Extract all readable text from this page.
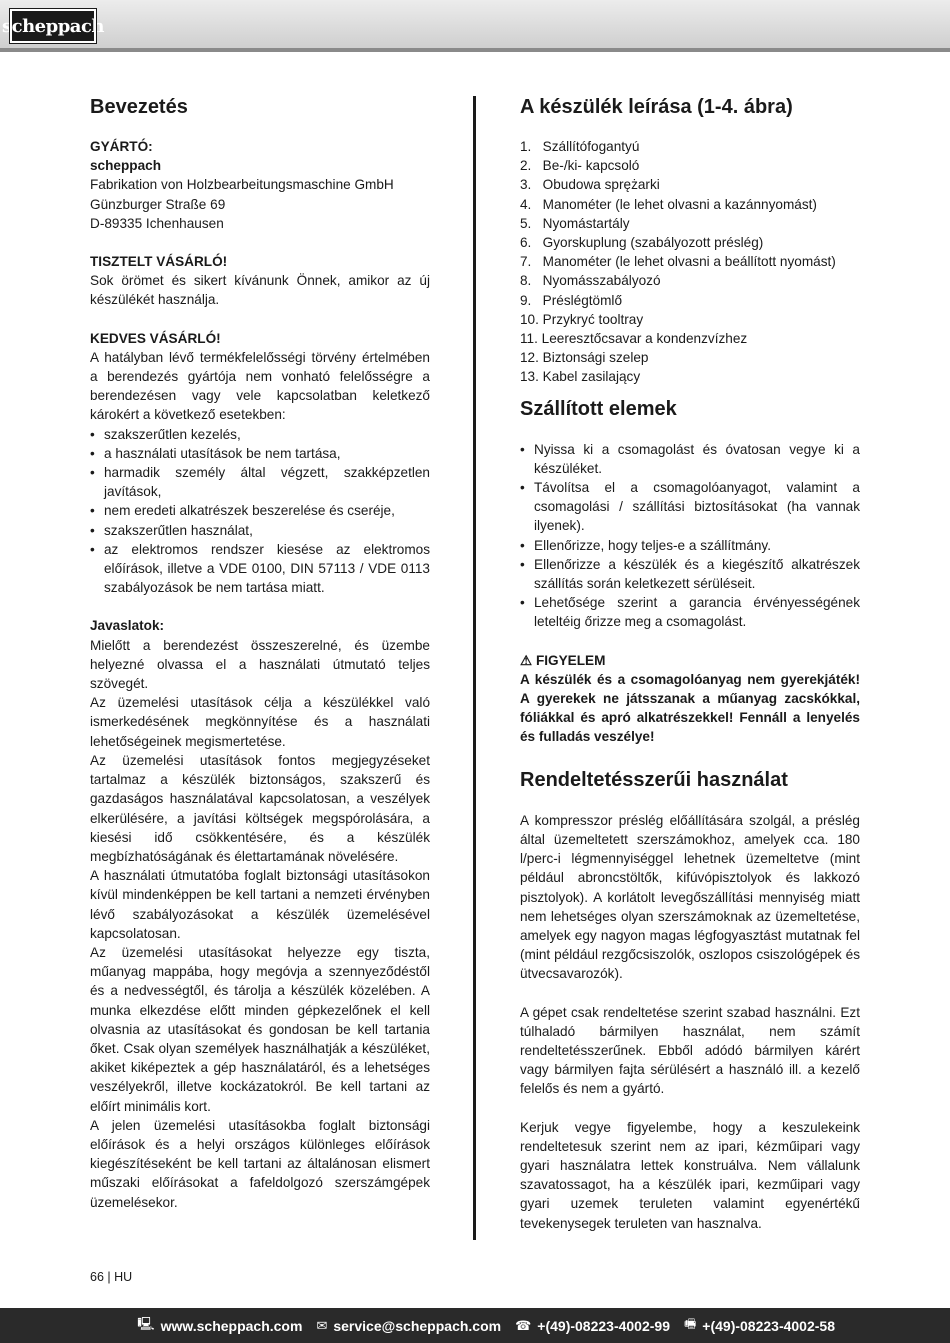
scheppach
Bevezetés

GYÁRTÓ:

scheppach

Fabrikation von Holzbearbeitungsmaschine GmbH

Günzburger Straße 69

D-89335 Ichenhausen

TISZTELT VÁSÁRLÓ!

Sok örömet és sikert kívánunk Önnek, amikor az új készülékét használja.

KEDVES VÁSÁRLÓ!

A hatályban lévő termékfelelősségi törvény értelmében a berendezés gyártója nem vonható felelősségre a berendezésen vagy vele kapcsolatban keletkező károkért a következő esetekben:

• szakszerűtlen kezelés,
• a használati utasítások be nem tartása,
• harmadik személy által végzett, szakképzetlen javítások,
• nem eredeti alkatrészek beszerelése és cseréje,
• szakszerűtlen használat,
• az elektromos rendszer kiesése az elektromos előírások, illetve a VDE 0100, DIN 57113 / VDE 0113 szabályozások be nem tartása miatt.

Javaslatok:

Mielőtt a berendezést összeszerelné, és üzembe helyezné olvassa el a használati útmutató teljes szövegét.

Az üzemelési utasítások célja a készülékkel való ismerkedésének megkönnyítése és a használati lehetőségeinek megismertetése.

Az üzemelési utasítások fontos megjegyzéseket tartalmaz a készülék biztonságos, szakszerű és gazdaságos használatával kapcsolatosan, a veszélyek elkerülésére, a javítási költségek megspórolására, a kiesési idő csökkentésére, és a készülék megbízhatóságának és élettartamának növelésére.

A használati útmutatóba foglalt biztonsági utasításokon kívül mindenképpen be kell tartani a nemzeti érvényben lévő szabályozásokat a készülék üzemelésével kapcsolatosan.

Az üzemelési utasításokat helyezze egy tiszta, műanyag mappába, hogy megóvja a szennyeződéstől és a nedvességtől, és tárolja a készülék közelében. A munka elkezdése előtt minden gépkezelőnek el kell olvasnia az utasításokat és gondosan be kell tartania őket. Csak olyan személyek használhatják a készüléket, akiket kiképeztek a gép használatáról, és a lehetséges veszélyekről, illetve kockázatokról. Be kell tartani az előírt minimális kort.

A jelen üzemelési utasításokba foglalt biztonsági előírások és a helyi országos különleges előírások kiegészítéseként be kell tartani az általánosan elismert műszaki előírásokat a fafeldolgozó szerszámgépek üzemelésekor.

A készülék leírása (1-4. ábra)
1.   Szállítófogantyú
2.   Be-/ki- kapcsoló
3.   Obudowa sprężarki
4.   Manométer (le lehet olvasni a kazánnyomást)
5.   Nyomástartály
6.   Gyorskuplung (szabályozott préslég)
7.   Manométer (le lehet olvasni a beállított nyomást)
8.   Nyomásszabályozó
9.   Préslégtömlő
10. Przykryć tooltray
11. Leeresztőcsavar a kondenzvízhez
12. Biztonsági szelep
13. Kabel zasilający
Szállított elemek
• Nyissa ki a csomagolást és óvatosan vegye ki a készüléket.
• Távolítsa el a csomagolóanyagot, valamint a csomagolási / szállítási biztosításokat (ha vannak ilyenek).
• Ellenőrizze, hogy teljes-e a szállítmány.
• Ellenőrizze a készülék és a kiegészítő alkatrészek szállítás során keletkezett sérüléseit.
• Lehetősége szerint a garancia érvényességének leteltéig őrizze meg a csomagolást.

⚠ FIGYELEM

A készülék és a csomagolóanyag nem gyerekjáték! A gyerekek ne játsszanak a műanyag zacskókkal, fóliákkal és apró alkatrészekkel! Fennáll a lenyelés és fulladás veszélye!

Rendeltetésszerűi használat

A kompresszor préslég előállítására szolgál, a préslég által üzemeltetett szerszámokhoz, amelyek cca. 180 l/perc-i légmennyiséggel lehetnek üzemeltetve (mint például abroncstöltők, kifúvópisztolyok és lakkozó pisztolyok). A korlátolt levegőszállítási mennyiség miatt nem lehetséges olyan szerszámoknak az üzemeltetése, amelyek egy nagyon magas légfogyasztást mutatnak fel (mint például rezgőcsiszolók, oszlopos csiszológépek és ütvecsavarozók).

A gépet csak rendeltetése szerint szabad használni. Ezt túlhaladó bármilyen használat, nem számít rendeltetésszerűnek. Ebből adódó bármilyen kárért vagy bármilyen fajta sérülésért a használó ill. a kezelő felelős és nem a gyártó.

Kerjuk vegye figyelembe, hogy a keszulekeink rendeltetesuk szerint nem az ipari, kézműipari vagy gyari használatra lettek konstruálva. Nem vállalunk szavatossagot, ha a készülék ipari, kezműipari vagy gyari uzemek teruleten valamint egyenértékű tevekenysegek teruleten van hasznalva.

66 | HU
🖳 www.scheppach.com ✉ service@scheppach.com ☎ +(49)-08223-4002-99 🖷 +(49)-08223-4002-58
